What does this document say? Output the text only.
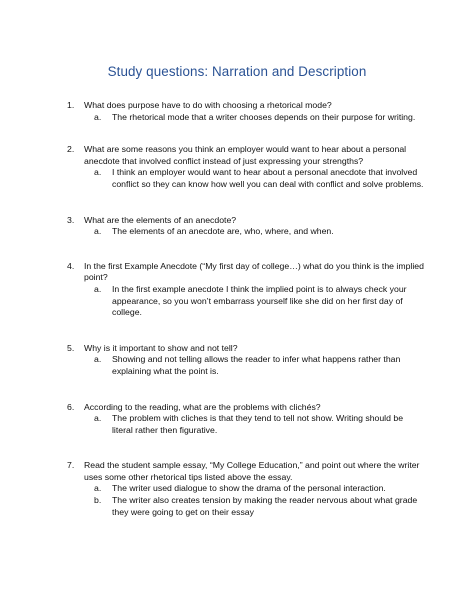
Study questions: Narration and Description
1. What does purpose have to do with choosing a rhetorical mode?
a. The rhetorical mode that a writer chooses depends on their purpose for writing.
2. What are some reasons you think an employer would want to hear about a personal anecdote that involved conflict instead of just expressing your strengths?
a. I think an employer would want to hear about a personal anecdote that involved conflict so they can know how well you can deal with conflict and solve problems.
3. What are the elements of an anecdote?
a. The elements of an anecdote are, who, where, and when.
4. In the first Example Anecdote (“My first day of college…) what do you think is the implied point?
a. In the first example anecdote I think the implied point is to always check your appearance, so you won’t embarrass yourself like she did on her first day of college.
5. Why is it important to show and not tell?
a. Showing and not telling allows the reader to infer what happens rather than explaining what the point is.
6. According to the reading, what are the problems with clichés?
a. The problem with cliches is that they tend to tell not show. Writing should be literal rather then figurative.
7. Read the student sample essay, “My College Education,” and point out where the writer uses some other rhetorical tips listed above the essay.
a. The writer used dialogue to show the drama of the personal interaction.
b. The writer also creates tension by making the reader nervous about what grade they were going to get on their essay
